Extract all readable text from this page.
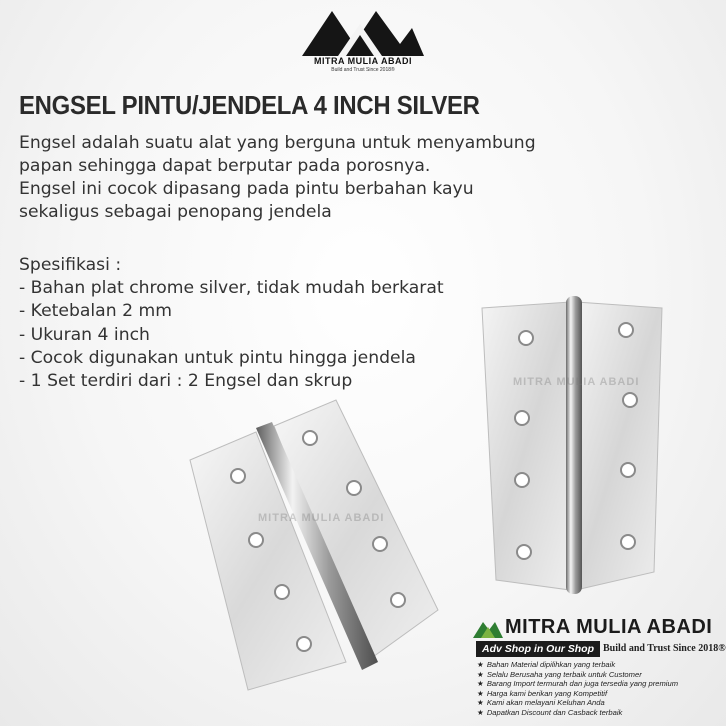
MITRA MULIA ABADI
Build and Trust Since 2018®
ENGSEL PINTU/JENDELA 4 INCH SILVER
Engsel adalah suatu alat yang berguna untuk menyambung
papan sehingga dapat berputar pada porosnya.
Engsel ini cocok dipasang pada pintu berbahan kayu
sekaligus sebagai penopang jendela
Spesifikasi :
- Bahan plat chrome silver, tidak mudah berkarat
- Ketebalan 2 mm
- Ukuran 4 inch
- Cocok digunakan untuk pintu hingga jendela
- 1 Set terdiri dari : 2 Engsel dan skrup
MITRA MULIA ABADI
MITRA MULIA ABADI
MITRA MULIA ABADI
Adv Shop in Our Shop Build and Trust Since 2018®
★ Bahan Material dipilihkan yang terbaik
★ Selalu Berusaha yang terbaik untuk Customer
★ Barang Import termurah dan juga tersedia yang premium
★ Harga kami berikan yang Kompetitif
★ Kami akan melayani Keluhan Anda
★ Dapatkan Discount dan Casback terbaik
